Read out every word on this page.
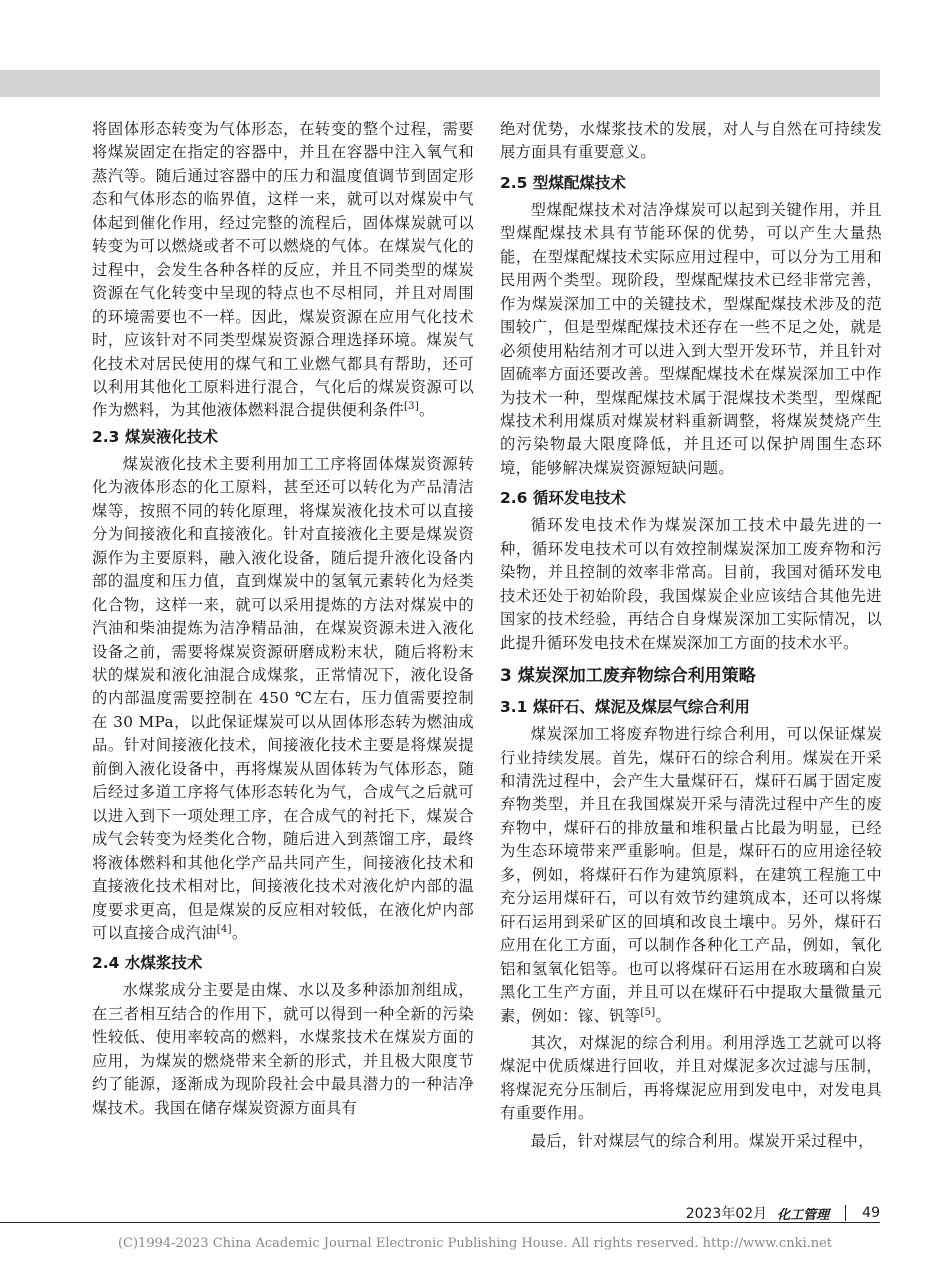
将固体形态转变为气体形态，在转变的整个过程，需要将煤炭固定在指定的容器中，并且在容器中注入氧气和蒸汽等。随后通过容器中的压力和温度值调节到固定形态和气体形态的临界值，这样一来，就可以对煤炭中气体起到催化作用，经过完整的流程后，固体煤炭就可以转变为可以燃烧或者不可以燃烧的气体。在煤炭气化的过程中，会发生各种各样的反应，并且不同类型的煤炭资源在气化转变中呈现的特点也不尽相同，并且对周围的环境需要也不一样。因此，煤炭资源在应用气化技术时，应该针对不同类型煤炭资源合理选择环境。煤炭气化技术对居民使用的煤气和工业燃气都具有帮助，还可以利用其他化工原料进行混合，气化后的煤炭资源可以作为燃料，为其他液体燃料混合提供便利条件[3]。

2.3 煤炭液化技术

煤炭液化技术主要利用加工工序将固体煤炭资源转化为液体形态的化工原料，甚至还可以转化为产品清洁煤等，按照不同的转化原理，将煤炭液化技术可以直接分为间接液化和直接液化。针对直接液化主要是煤炭资源作为主要原料，融入液化设备，随后提升液化设备内部的温度和压力值，直到煤炭中的氢氧元素转化为烃类化合物，这样一来，就可以采用提炼的方法对煤炭中的汽油和柴油提炼为洁净精品油，在煤炭资源未进入液化设备之前，需要将煤炭资源研磨成粉末状，随后将粉末状的煤炭和液化油混合成煤浆，正常情况下，液化设备的内部温度需要控制在 450 ℃左右，压力值需要控制在 30 MPa，以此保证煤炭可以从固体形态转为燃油成品。针对间接液化技术，间接液化技术主要是将煤炭提前倒入液化设备中，再将煤炭从固体转为气体形态，随后经过多道工序将气体形态转化为气，合成气之后就可以进入到下一项处理工序，在合成气的衬托下，煤炭合成气会转变为烃类化合物，随后进入到蒸馏工序，最终将液体燃料和其他化学产品共同产生，间接液化技术和直接液化技术相对比，间接液化技术对液化炉内部的温度要求更高，但是煤炭的反应相对较低，在液化炉内部可以直接合成汽油[4]。

2.4 水煤浆技术

水煤浆成分主要是由煤、水以及多种添加剂组成，在三者相互结合的作用下，就可以得到一种全新的污染性较低、使用率较高的燃料，水煤浆技术在煤炭方面的应用，为煤炭的燃烧带来全新的形式，并且极大限度节约了能源，逐渐成为现阶段社会中最具潜力的一种洁净煤技术。我国在储存煤炭资源方面具有

绝对优势，水煤浆技术的发展，对人与自然在可持续发展方面具有重要意义。

2.5 型煤配煤技术

型煤配煤技术对洁净煤炭可以起到关键作用，并且型煤配煤技术具有节能环保的优势，可以产生大量热能，在型煤配煤技术实际应用过程中，可以分为工用和民用两个类型。现阶段，型煤配煤技术已经非常完善，作为煤炭深加工中的关键技术，型煤配煤技术涉及的范围较广，但是型煤配煤技术还存在一些不足之处，就是必须使用粘结剂才可以进入到大型开发环节，并且针对固硫率方面还要改善。型煤配煤技术在煤炭深加工中作为技术一种，型煤配煤技术属于混煤技术类型，型煤配煤技术利用煤质对煤炭材料重新调整，将煤炭焚烧产生的污染物最大限度降低，并且还可以保护周围生态环境，能够解决煤炭资源短缺问题。

2.6 循环发电技术

循环发电技术作为煤炭深加工技术中最先进的一种，循环发电技术可以有效控制煤炭深加工废弃物和污染物，并且控制的效率非常高。目前，我国对循环发电技术还处于初始阶段，我国煤炭企业应该结合其他先进国家的技术经验，再结合自身煤炭深加工实际情况，以此提升循环发电技术在煤炭深加工方面的技术水平。

3 煤炭深加工废弃物综合利用策略
3.1 煤矸石、煤泥及煤层气综合利用

煤炭深加工将废弃物进行综合利用，可以保证煤炭行业持续发展。首先，煤矸石的综合利用。煤炭在开采和清洗过程中，会产生大量煤矸石，煤矸石属于固定废弃物类型，并且在我国煤炭开采与清洗过程中产生的废弃物中，煤矸石的排放量和堆积量占比最为明显，已经为生态环境带来严重影响。但是，煤矸石的应用途径较多，例如，将煤矸石作为建筑原料，在建筑工程施工中充分运用煤矸石，可以有效节约建筑成本，还可以将煤矸石运用到采矿区的回填和改良土壤中。另外，煤矸石应用在化工方面，可以制作各种化工产品，例如，氧化铝和氢氧化铝等。也可以将煤矸石运用在水玻璃和白炭黑化工生产方面，并且可以在煤矸石中提取大量微量元素，例如：镓、钒等[5]。

其次，对煤泥的综合利用。利用浮选工艺就可以将煤泥中优质煤进行回收，并且对煤泥多次过滤与压制，将煤泥充分压制后，再将煤泥应用到发电中，对发电具有重要作用。

最后，针对煤层气的综合利用。煤炭开采过程中，

2023年02月 化工管理 49
(C)1994-2023 China Academic Journal Electronic Publishing House. All rights reserved. http://www.cnki.net
